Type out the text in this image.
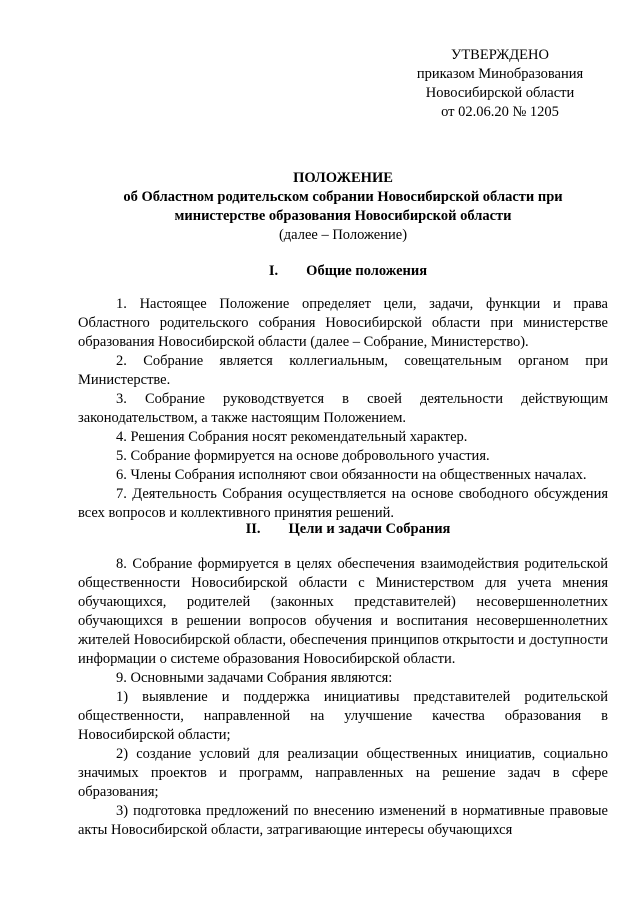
УТВЕРЖДЕНО
приказом Минобразования
Новосибирской области
от 02.06.20 № 1205
ПОЛОЖЕНИЕ
об Областном родительском собрании Новосибирской области при
министерстве образования Новосибирской области
(далее – Положение)
I. Общие положения

1. Настоящее Положение определяет цели, задачи, функции и права Областного родительского собрания Новосибирской области при министерстве образования Новосибирской области (далее – Собрание, Министерство).

2. Собрание является коллегиальным, совещательным органом при Министерстве.

3. Собрание руководствуется в своей деятельности действующим законодательством, а также настоящим Положением.

4. Решения Собрания носят рекомендательный характер.

5. Собрание формируется на основе добровольного участия.

6. Члены Собрания исполняют свои обязанности на общественных началах.

7. Деятельность Собрания осуществляется на основе свободного обсуждения всех вопросов и коллективного принятия решений.

II. Цели и задачи Собрания

8. Собрание формируется в целях обеспечения взаимодействия родительской общественности Новосибирской области с Министерством для учета мнения обучающихся, родителей (законных представителей) несовершеннолетних обучающихся в решении вопросов обучения и воспитания несовершеннолетних жителей Новосибирской области, обеспечения принципов открытости и доступности информации о системе образования Новосибирской области.

9. Основными задачами Собрания являются:

1) выявление и поддержка инициативы представителей родительской общественности, направленной на улучшение качества образования в Новосибирской области;

2) создание условий для реализации общественных инициатив, социально значимых проектов и программ, направленных на решение задач в сфере образования;

3) подготовка предложений по внесению изменений в нормативные правовые акты Новосибирской области, затрагивающие интересы обучающихся
